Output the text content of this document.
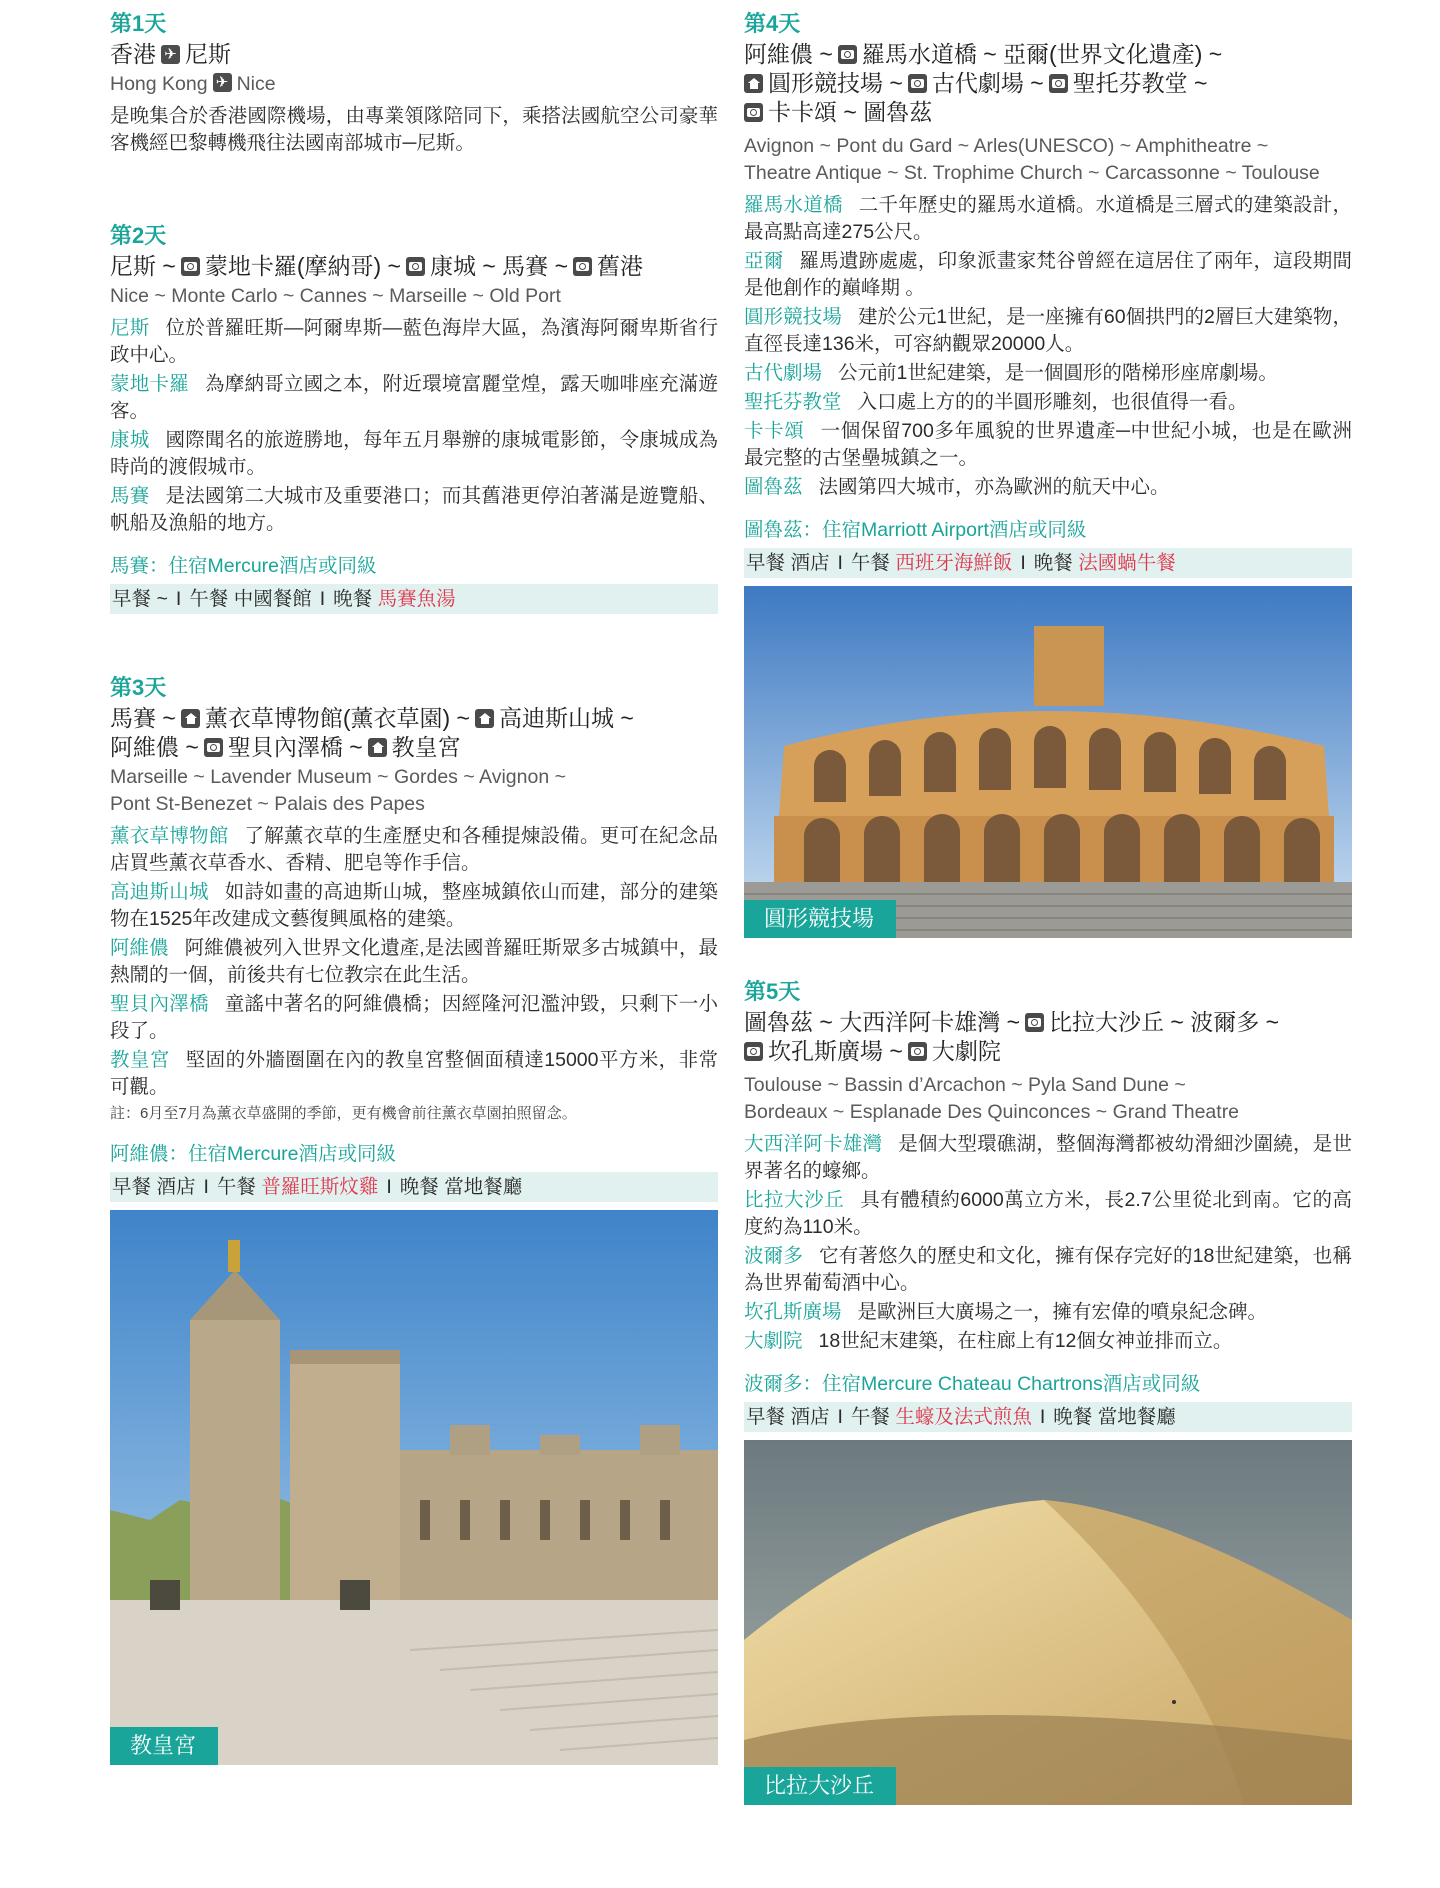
第1天
香港 ✈ 尼斯
Hong Kong ✈ Nice
是晚集合於香港國際機場，由專業領隊陪同下，乘搭法國航空公司豪華客機經巴黎轉機飛往法國南部城市─尼斯。
第2天
尼斯 ~ 蒙地卡羅(摩納哥) ~ 康城 ~ 馬賽 ~ 舊港
Nice ~ Monte Carlo ~ Cannes ~ Marseille ~ Old Port
尼斯 位於普羅旺斯—阿爾卑斯—藍色海岸大區，為濱海阿爾卑斯省行政中心。
蒙地卡羅 為摩納哥立國之本，附近環境富麗堂煌，露天咖啡座充滿遊客。
康城 國際聞名的旅遊勝地，每年五月舉辦的康城電影節，令康城成為時尚的渡假城市。
馬賽 是法國第二大城市及重要港口；而其舊港更停泊著滿是遊覽船、帆船及漁船的地方。
馬賽：住宿Mercure酒店或同級
早餐 ~ I 午餐 中國餐館 I 晚餐 馬賽魚湯
第3天
馬賽 ~ 薰衣草博物館(薰衣草園) ~ 高迪斯山城 ~
阿維儂 ~ 聖貝內澤橋 ~ 教皇宮
Marseille ~ Lavender Museum ~ Gordes ~ Avignon ~
Pont St-Benezet ~ Palais des Papes
薰衣草博物館 了解薰衣草的生產歷史和各種提煉設備。更可在紀念品店買些薰衣草香水、香精、肥皂等作手信。
高迪斯山城 如詩如畫的高迪斯山城，整座城鎮依山而建，部分的建築物在1525年改建成文藝復興風格的建築。
阿維儂 阿維儂被列入世界文化遺產,是法國普羅旺斯眾多古城鎮中，最熱鬧的一個，前後共有七位教宗在此生活。
聖貝內澤橋 童謠中著名的阿維儂橋；因經隆河氾濫沖毀，只剩下一小段了。
教皇宮 堅固的外牆圈圍在內的教皇宮整個面積達15000平方米，非常可觀。
註：6月至7月為薰衣草盛開的季節，更有機會前往薰衣草園拍照留念。
阿維儂：住宿Mercure酒店或同級
早餐 酒店 I 午餐 普羅旺斯炆雞 I 晚餐 當地餐廳
教皇宮
第4天
阿維儂 ~ 羅馬水道橋 ~ 亞爾(世界文化遺產) ~
圓形競技場 ~ 古代劇場 ~ 聖托芬教堂 ~
卡卡頌 ~ 圖魯茲
Avignon ~ Pont du Gard ~ Arles(UNESCO) ~ Amphitheatre ~
Theatre Antique ~ St. Trophime Church ~ Carcassonne ~ Toulouse
羅馬水道橋 二千年歷史的羅馬水道橋。水道橋是三層式的建築設計，最高點高達275公尺。
亞爾 羅馬遺跡處處，印象派畫家梵谷曾經在這居住了兩年，這段期間是他創作的巔峰期 。
圓形競技場 建於公元1世紀，是一座擁有60個拱門的2層巨大建築物，直徑長達136米，可容納觀眾20000人。
古代劇場 公元前1世紀建築，是一個圓形的階梯形座席劇場。
聖托芬教堂 入口處上方的的半圓形雕刻，也很值得一看。
卡卡頌 一個保留700多年風貌的世界遺產─中世紀小城，也是在歐洲最完整的古堡壘城鎮之一。
圖魯茲 法國第四大城市，亦為歐洲的航天中心。
圖魯茲：住宿Marriott Airport酒店或同級
早餐 酒店 I 午餐 西班牙海鮮飯 I 晚餐 法國蝸牛餐
圓形競技場
第5天
圖魯茲 ~ 大西洋阿卡雄灣 ~ 比拉大沙丘 ~ 波爾多 ~
坎孔斯廣場 ~ 大劇院
Toulouse ~ Bassin d’Arcachon ~ Pyla Sand Dune ~
Bordeaux ~ Esplanade Des Quinconces ~ Grand Theatre
大西洋阿卡雄灣 是個大型環礁湖，整個海灣都被幼滑細沙圍繞，是世界著名的蠔鄉。
比拉大沙丘 具有體積約6000萬立方米，長2.7公里從北到南。它的高度約為110米。
波爾多 它有著悠久的歷史和文化，擁有保存完好的18世紀建築，也稱為世界葡萄酒中心。
坎孔斯廣場 是歐洲巨大廣場之一，擁有宏偉的噴泉紀念碑。
大劇院 18世紀末建築，在柱廊上有12個女神並排而立。
波爾多：住宿Mercure Chateau Chartrons酒店或同級
早餐 酒店 I 午餐 生蠔及法式煎魚 I 晚餐 當地餐廳
比拉大沙丘
